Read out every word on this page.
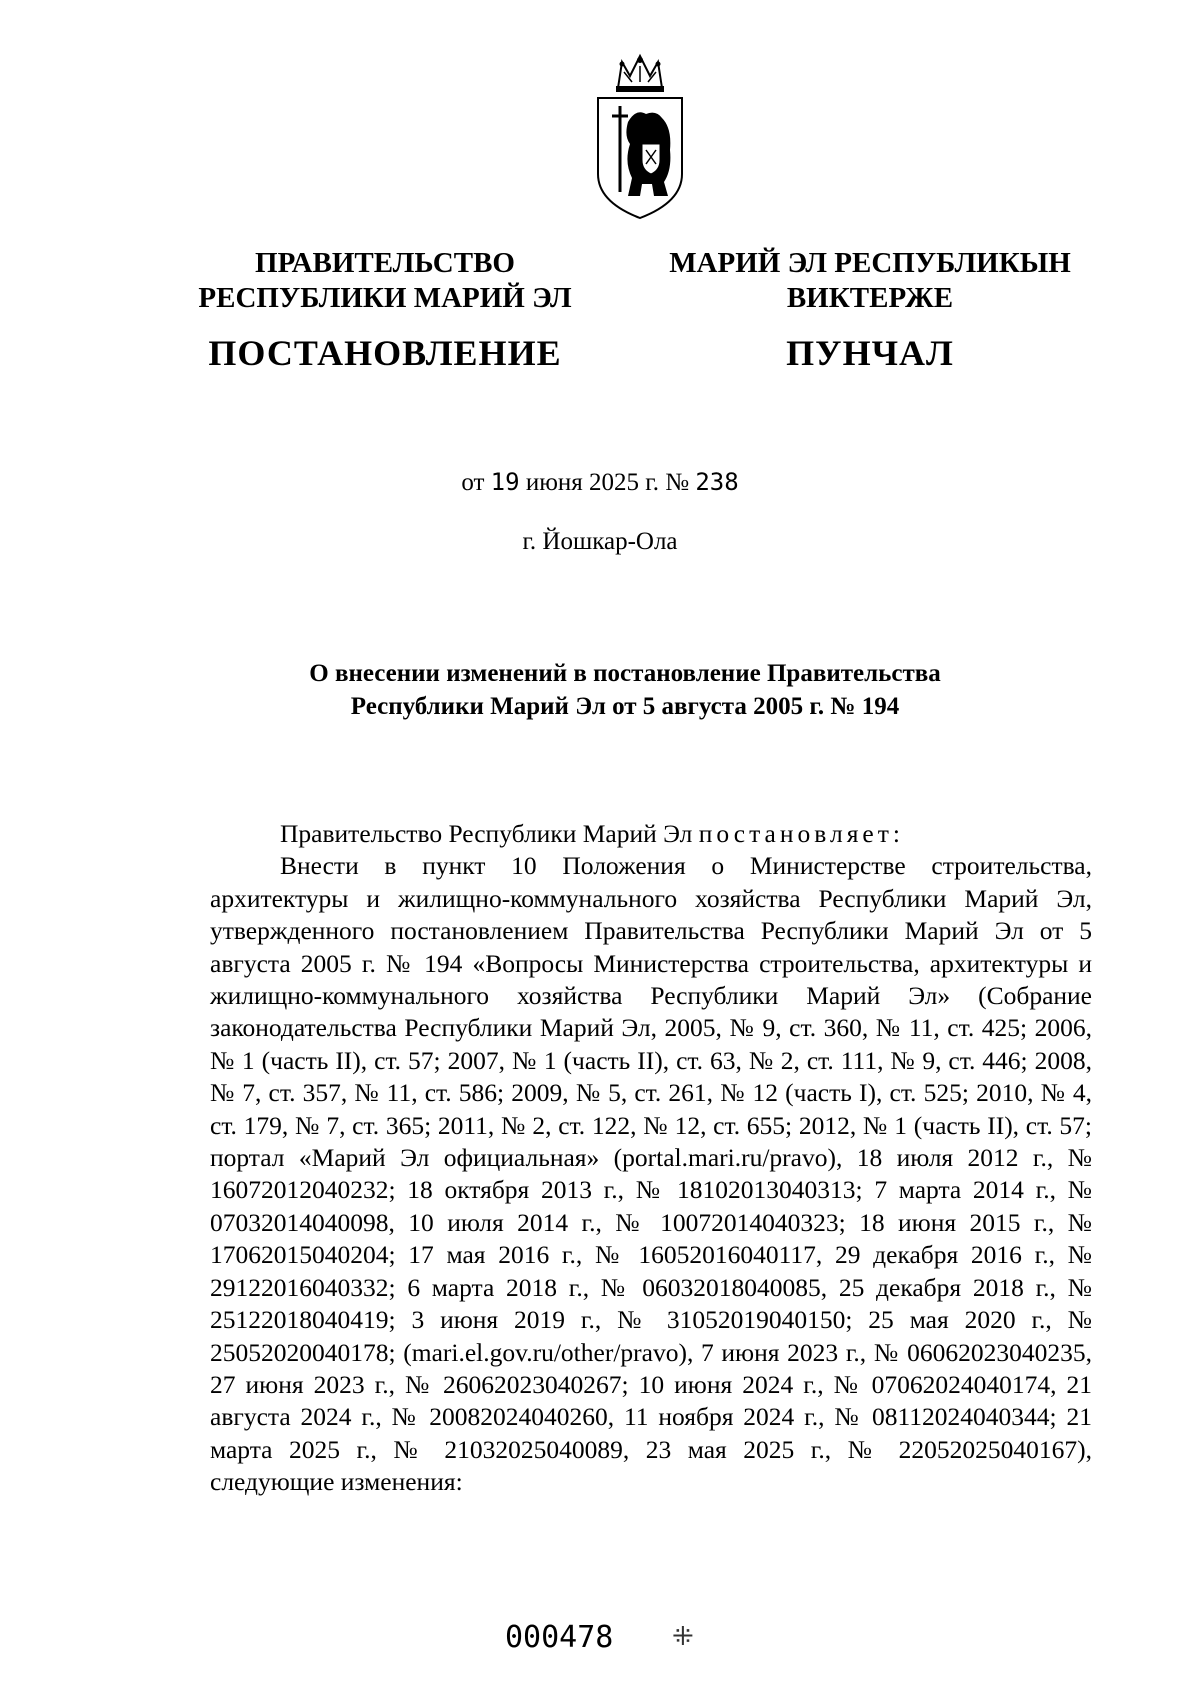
ПРАВИТЕЛЬСТВО
РЕСПУБЛИКИ МАРИЙ ЭЛ
ПОСТАНОВЛЕНИЕ
МАРИЙ ЭЛ РЕСПУБЛИКЫН
ВИКТЕРЖЕ
ПУНЧАЛ
от 19 июня 2025 г. № 238
г. Йошкар-Ола
О внесении изменений в постановление Правительства
Республики Марий Эл от 5 августа 2005 г. № 194

Правительство Республики Марий Эл постановляет:

Внести в пункт 10 Положения о Министерстве строительства, архитектуры и жилищно-коммунального хозяйства Республики Марий Эл, утвержденного постановлением Правительства Республики Марий Эл от 5 августа 2005 г. № 194 «Вопросы Министерства строительства, архитектуры и жилищно-коммунального хозяйства Республики Марий Эл» (Собрание законодательства Республики Марий Эл, 2005, № 9, ст. 360, № 11, ст. 425; 2006, № 1 (часть II), ст. 57; 2007, № 1 (часть II), ст. 63, № 2, ст. 111, № 9, ст. 446; 2008, № 7, ст. 357, № 11, ст. 586; 2009, № 5, ст. 261, № 12 (часть I), ст. 525; 2010, № 4, ст. 179, № 7, ст. 365; 2011, № 2, ст. 122, № 12, ст. 655; 2012, № 1 (часть II), ст. 57; портал «Марий Эл официальная» (portal.mari.ru/pravo), 18 июля 2012 г., № 16072012040232; 18 октября 2013 г., № 18102013040313; 7 марта 2014 г., № 07032014040098, 10 июля 2014 г., № 10072014040323; 18 июня 2015 г., № 17062015040204; 17 мая 2016 г., № 16052016040117, 29 декабря 2016 г., № 29122016040332; 6 марта 2018 г., № 06032018040085, 25 декабря 2018 г., № 25122018040419; 3 июня 2019 г., № 31052019040150; 25 мая 2020 г., № 25052020040178; (mari.el.gov.ru/other/pravo), 7 июня 2023 г., № 06062023040235, 27 июня 2023 г., № 26062023040267; 10 июня 2024 г., № 07062024040174, 21 августа 2024 г., № 20082024040260, 11 ноября 2024 г., № 08112024040344; 21 марта 2025 г., № 21032025040089, 23 мая 2025 г., № 22052025040167), следующие изменения:

000478 ⁜
